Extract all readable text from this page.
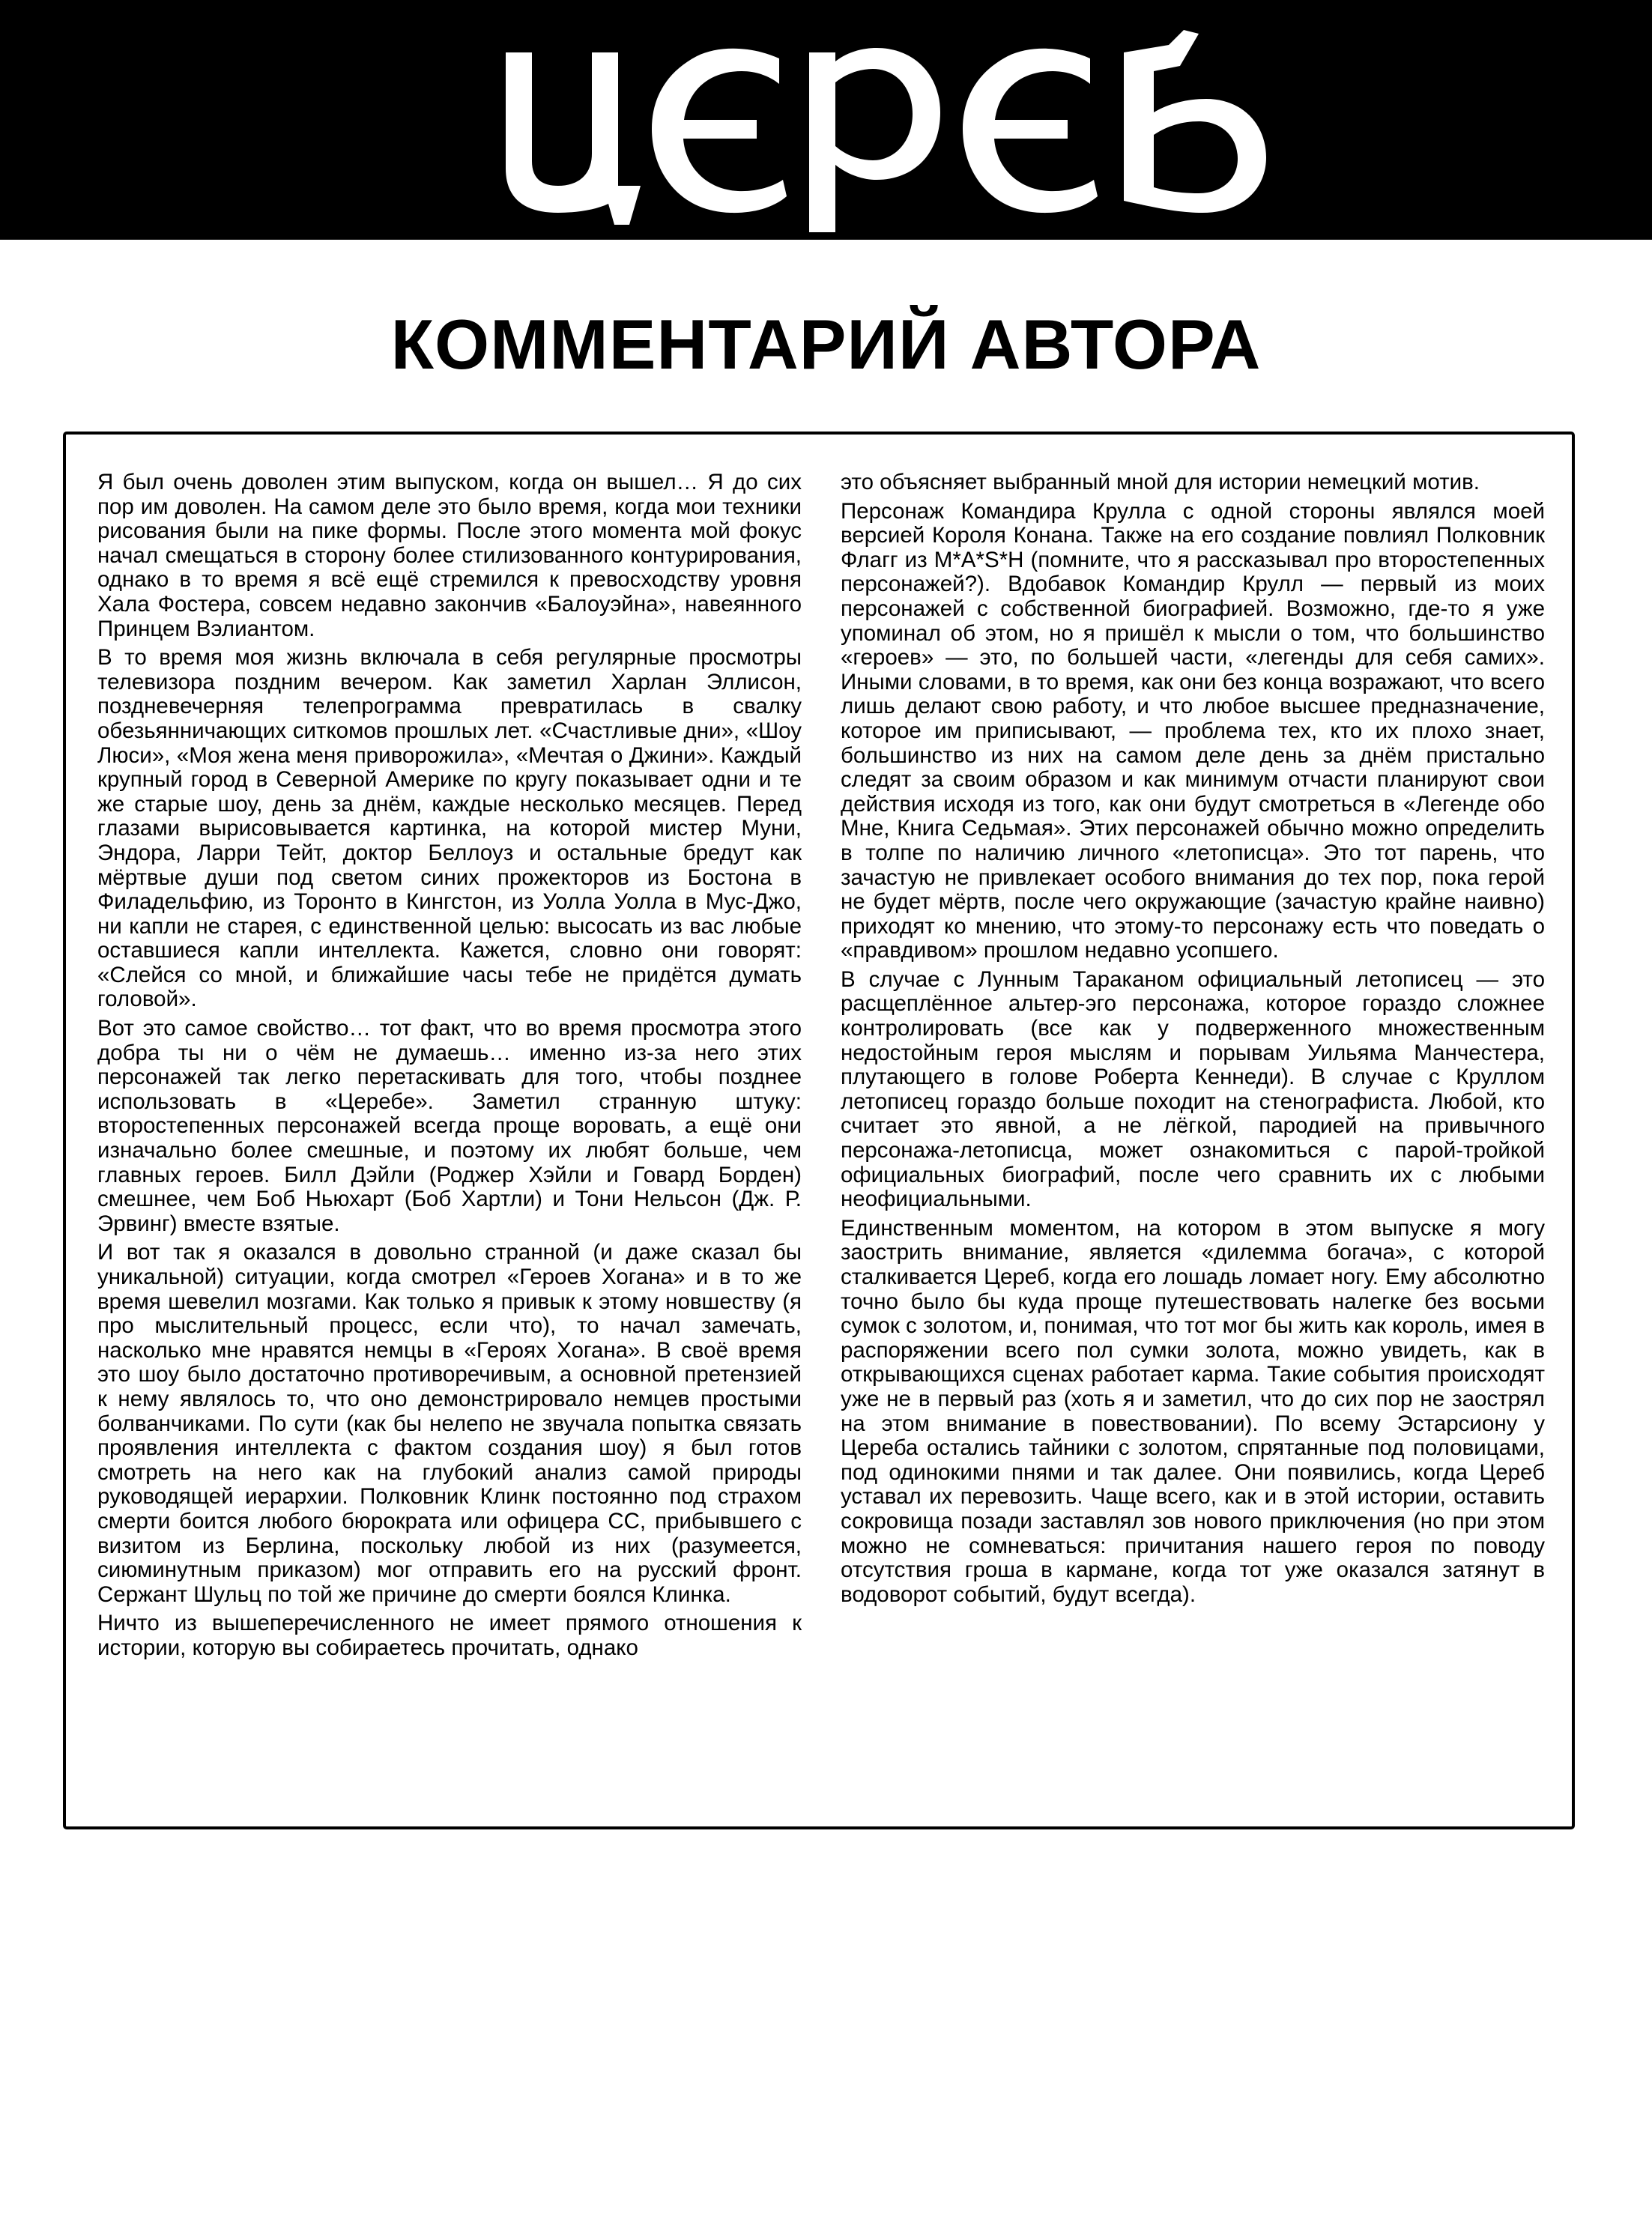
КОММЕНТАРИЙ АВТОРА

Я был очень доволен этим выпуском, когда он вышел… Я до сих пор им доволен. На самом деле это было время, когда мои техники рисования были на пике формы. После этого момента мой фокус начал смещаться в сторону более стилизованного контурирования, однако в то время я всё ещё стремился к превосходству уровня Хала Фостера, совсем недавно закончив «Балоуэйна», навеянного Принцем Вэлиантом.

В то время моя жизнь включала в себя регулярные просмотры телевизора поздним вечером. Как заметил Харлан Эллисон, поздневечерняя телепрограмма превратилась в свалку обезьянничающих ситкомов прошлых лет. «Счастливые дни», «Шоу Люси», «Моя жена меня приворожила», «Мечтая о Джини». Каждый крупный город в Северной Америке по кругу показывает одни и те же старые шоу, день за днём, каждые несколько месяцев. Перед глазами вырисовывается картинка, на которой мистер Муни, Эндора, Ларри Тейт, доктор Беллоуз и остальные бредут как мёртвые души под светом синих прожекторов из Бостона в Филадельфию, из Торонто в Кингстон, из Уолла Уолла в Мус-Джо, ни капли не старея, с единственной целью: высосать из вас любые оставшиеся капли интеллекта. Кажется, словно они говорят: «Слейся со мной, и ближайшие часы тебе не придётся думать головой».

Вот это самое свойство… тот факт, что во время просмотра этого добра ты ни о чём не думаешь… именно из-за него этих персонажей так легко перетаскивать для того, чтобы позднее использовать в «Церебе». Заметил странную штуку: второстепенных персонажей всегда проще воровать, а ещё они изначально более смешные, и поэтому их любят больше, чем главных героев. Билл Дэйли (Роджер Хэйли и Говард Борден) смешнее, чем Боб Ньюхарт (Боб Хартли) и Тони Нельсон (Дж. Р. Эрвинг) вместе взятые.

И вот так я оказался в довольно странной (и даже сказал бы уникальной) ситуации, когда смотрел «Героев Хогана» и в то же время шевелил мозгами. Как только я привык к этому новшеству (я про мыслительный процесс, если что), то начал замечать, насколько мне нравятся немцы в «Героях Хогана». В своё время это шоу было достаточно противоречивым, а основной претензией к нему являлось то, что оно демонстрировало немцев простыми болванчиками. По сути (как бы нелепо не звучала попытка связать проявления интеллекта с фактом создания шоу) я был готов смотреть на него как на глубокий анализ самой природы руководящей иерархии. Полковник Клинк постоянно под страхом смерти боится любого бюрократа или офицера СС, прибывшего с визитом из Берлина, поскольку любой из них (разумеется, сиюминутным приказом) мог отправить его на русский фронт. Сержант Шульц по той же причине до смерти боялся Клинка.

Ничто из вышеперечисленного не имеет прямого отношения к истории, которую вы собираетесь прочитать, однако

это объясняет выбранный мной для истории немецкий мотив.

Персонаж Командира Крулла с одной стороны являлся моей версией Короля Конана. Также на его создание повлиял Полковник Флагг из M*A*S*H (помните, что я рассказывал про второстепенных персонажей?). Вдобавок Командир Крулл — первый из моих персонажей с собственной биографией. Возможно, где-то я уже упоминал об этом, но я пришёл к мысли о том, что большинство «героев» — это, по большей части, «легенды для себя самих». Иными словами, в то время, как они без конца возражают, что всего лишь делают свою работу, и что любое высшее предназначение, которое им приписывают, — проблема тех, кто их плохо знает, большинство из них на самом деле день за днём пристально следят за своим образом и как минимум отчасти планируют свои действия исходя из того, как они будут смотреться в «Легенде обо Мне, Книга Седьмая». Этих персонажей обычно можно определить в толпе по наличию личного «летописца». Это тот парень, что зачастую не привлекает особого внимания до тех пор, пока герой не будет мёртв, после чего окружающие (зачастую крайне наивно) приходят ко мнению, что этому-то персонажу есть что поведать о «правдивом» прошлом недавно усопшего.

В случае с Лунным Тараканом официальный летописец — это расщеплённое альтер-эго персонажа, которое гораздо сложнее контролировать (все как у подверженного множественным недостойным героя мыслям и порывам Уильяма Манчестера, плутающего в голове Роберта Кеннеди). В случае с Круллом летописец гораздо больше походит на стенографиста. Любой, кто считает это явной, а не лёгкой, пародией на привычного персонажа-летописца, может ознакомиться с парой-тройкой официальных биографий, после чего сравнить их с любыми неофициальными.

Единственным моментом, на котором в этом выпуске я могу заострить внимание, является «дилемма богача», с которой сталкивается Цереб, когда его лошадь ломает ногу. Ему абсолютно точно было бы куда проще путешествовать налегке без восьми сумок с золотом, и, понимая, что тот мог бы жить как король, имея в распоряжении всего пол сумки золота, можно увидеть, как в открывающихся сценах работает карма. Такие события происходят уже не в первый раз (хоть я и заметил, что до сих пор не заострял на этом внимание в повествовании). По всему Эстарсиону у Цереба остались тайники с золотом, спрятанные под половицами, под одинокими пнями и так далее. Они появились, когда Цереб уставал их перевозить. Чаще всего, как и в этой истории, оставить сокровища позади заставлял зов нового приключения (но при этом можно не сомневаться: причитания нашего героя по поводу отсутствия гроша в кармане, когда тот уже оказался затянут в водоворот событий, будут всегда).
